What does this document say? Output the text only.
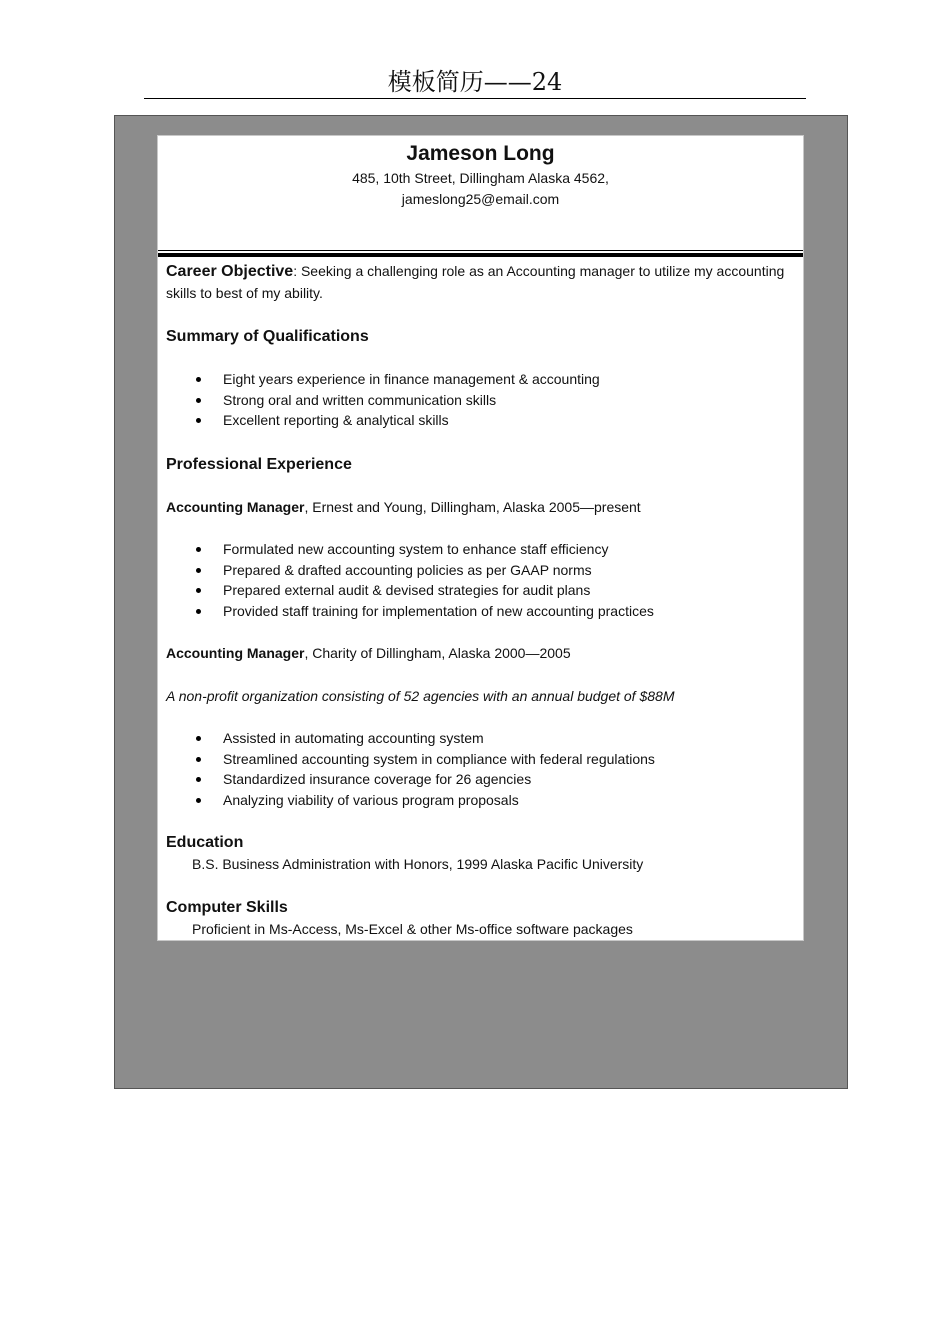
模板简历——24
Jameson Long
485, 10th Street, Dillingham Alaska 4562,
jameslong25@email.com

Career Objective: Seeking a challenging role as an Accounting manager to utilize my accounting skills to best of my ability.

Summary of Qualifications
Eight years experience in finance management & accounting
Strong oral and written communication skills
Excellent reporting & analytical skills
Professional Experience
Accounting Manager, Ernest and Young, Dillingham, Alaska 2005—present
Formulated new accounting system to enhance staff efficiency
Prepared & drafted accounting policies as per GAAP norms
Prepared external audit & devised strategies for audit plans
Provided staff training for implementation of new accounting practices
Accounting Manager, Charity of Dillingham, Alaska 2000—2005
A non-profit organization consisting of 52 agencies with an annual budget of $88M
Assisted in automating accounting system
Streamlined accounting system in compliance with federal regulations
Standardized insurance coverage for 26 agencies
Analyzing viability of various program proposals
Education
B.S. Business Administration with Honors, 1999 Alaska Pacific University
Computer Skills
Proficient in Ms-Access, Ms-Excel & other Ms-office software packages
